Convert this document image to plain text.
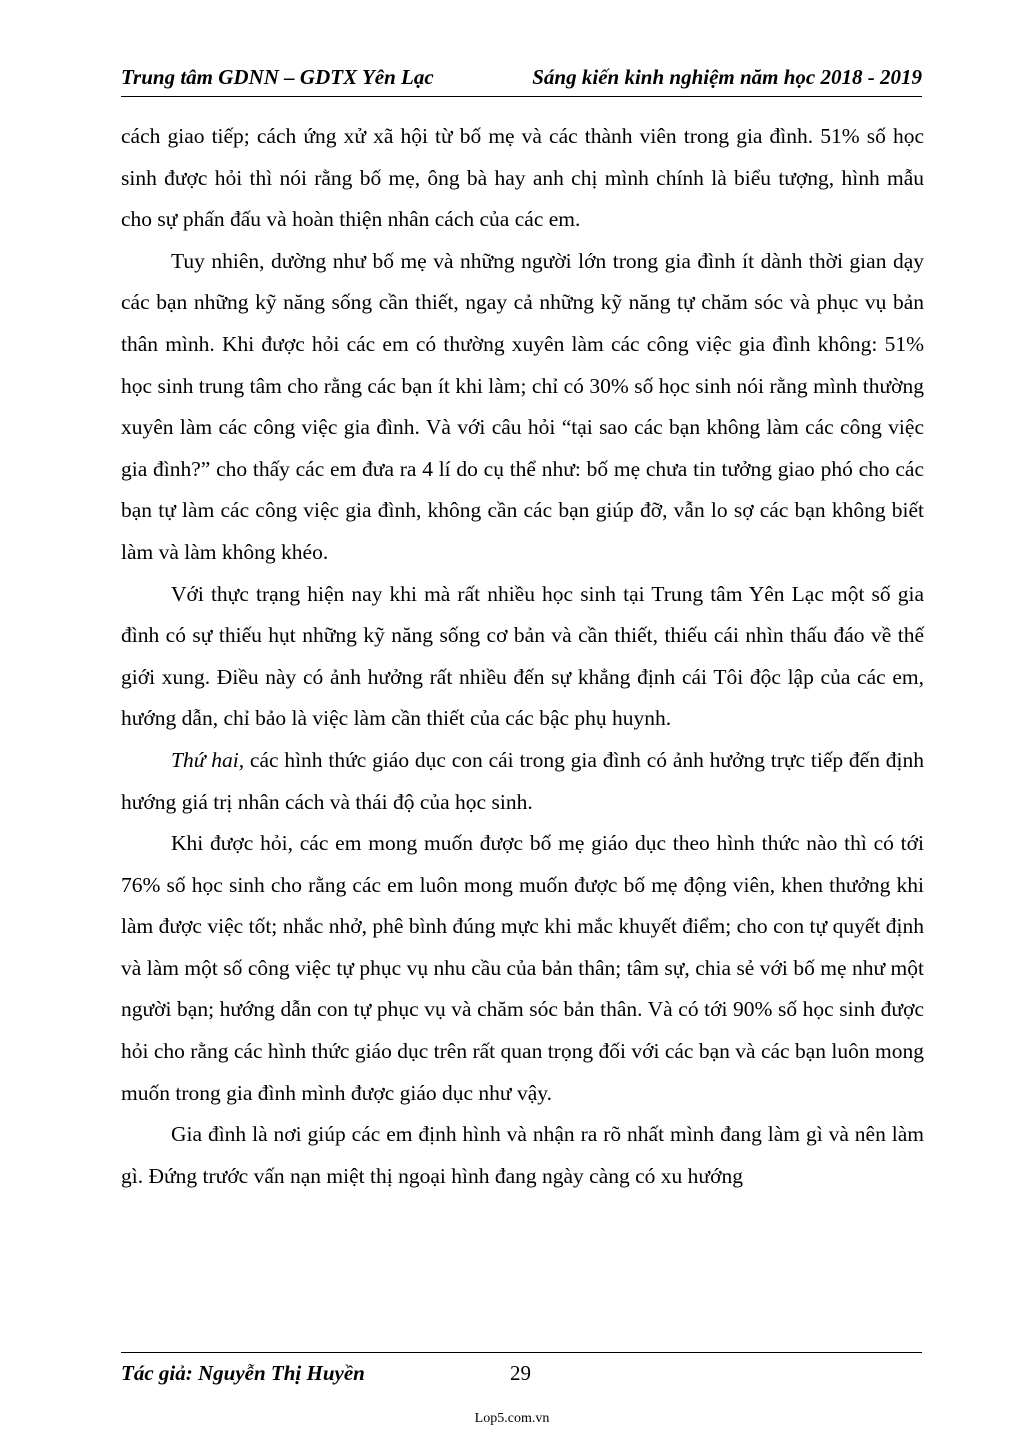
Trung tâm GDNN – GDTX Yên Lạc	Sáng kiến kinh nghiệm năm học 2018 - 2019

cách giao tiếp; cách ứng xử xã hội từ bố mẹ và các thành viên trong gia đình. 51% số học sinh được hỏi thì nói rằng bố mẹ, ông bà hay anh chị mình chính là biểu tượng, hình mẫu cho sự phấn đấu và hoàn thiện nhân cách của các em.

Tuy nhiên, dường như bố mẹ và những người lớn trong gia đình ít dành thời gian dạy các bạn những kỹ năng sống cần thiết, ngay cả những kỹ năng tự chăm sóc và phục vụ bản thân mình. Khi được hỏi các em có thường xuyên làm các công việc gia đình không: 51% học sinh trung tâm cho rằng các bạn ít khi làm; chỉ có 30% số học sinh nói rằng mình thường xuyên làm các công việc gia đình. Và với câu hỏi “tại sao các bạn không làm các công việc gia đình?” cho thấy các em đưa ra 4 lí do cụ thể như: bố mẹ chưa tin tưởng giao phó cho các bạn tự làm các công việc gia đình, không cần các bạn giúp đỡ, vẫn lo sợ các bạn không biết làm và làm không khéo.

Với thực trạng hiện nay khi mà rất nhiều học sinh tại Trung tâm Yên Lạc một số gia đình có sự thiếu hụt những kỹ năng sống cơ bản và cần thiết, thiếu cái nhìn thấu đáo về thế giới xung. Điều này có ảnh hưởng rất nhiều đến sự khẳng định cái Tôi độc lập của các em, hướng dẫn, chỉ bảo là việc làm cần thiết của các bậc phụ huynh.

Thứ hai, các hình thức giáo dục con cái trong gia đình có ảnh hưởng trực tiếp đến định hướng giá trị nhân cách và thái độ của học sinh.

Khi được hỏi, các em mong muốn được bố mẹ giáo dục theo hình thức nào thì có tới 76% số học sinh cho rằng các em luôn mong muốn được bố mẹ động viên, khen thưởng khi làm được việc tốt; nhắc nhở, phê bình đúng mực khi mắc khuyết điểm; cho con tự quyết định và làm một số công việc tự phục vụ nhu cầu của bản thân; tâm sự, chia sẻ với bố mẹ như một người bạn; hướng dẫn con tự phục vụ và chăm sóc bản thân. Và có tới 90% số học sinh được hỏi cho rằng các hình thức giáo dục trên rất quan trọng đối với các bạn và các bạn luôn mong muốn trong gia đình mình được giáo dục như vậy.

Gia đình là nơi giúp các em định hình và nhận ra rõ nhất mình đang làm gì và nên làm gì. Đứng trước vấn nạn miệt thị ngoại hình đang ngày càng có xu hướng

Tác giả: Nguyễn Thị Huyền	29
Lop5.com.vn
